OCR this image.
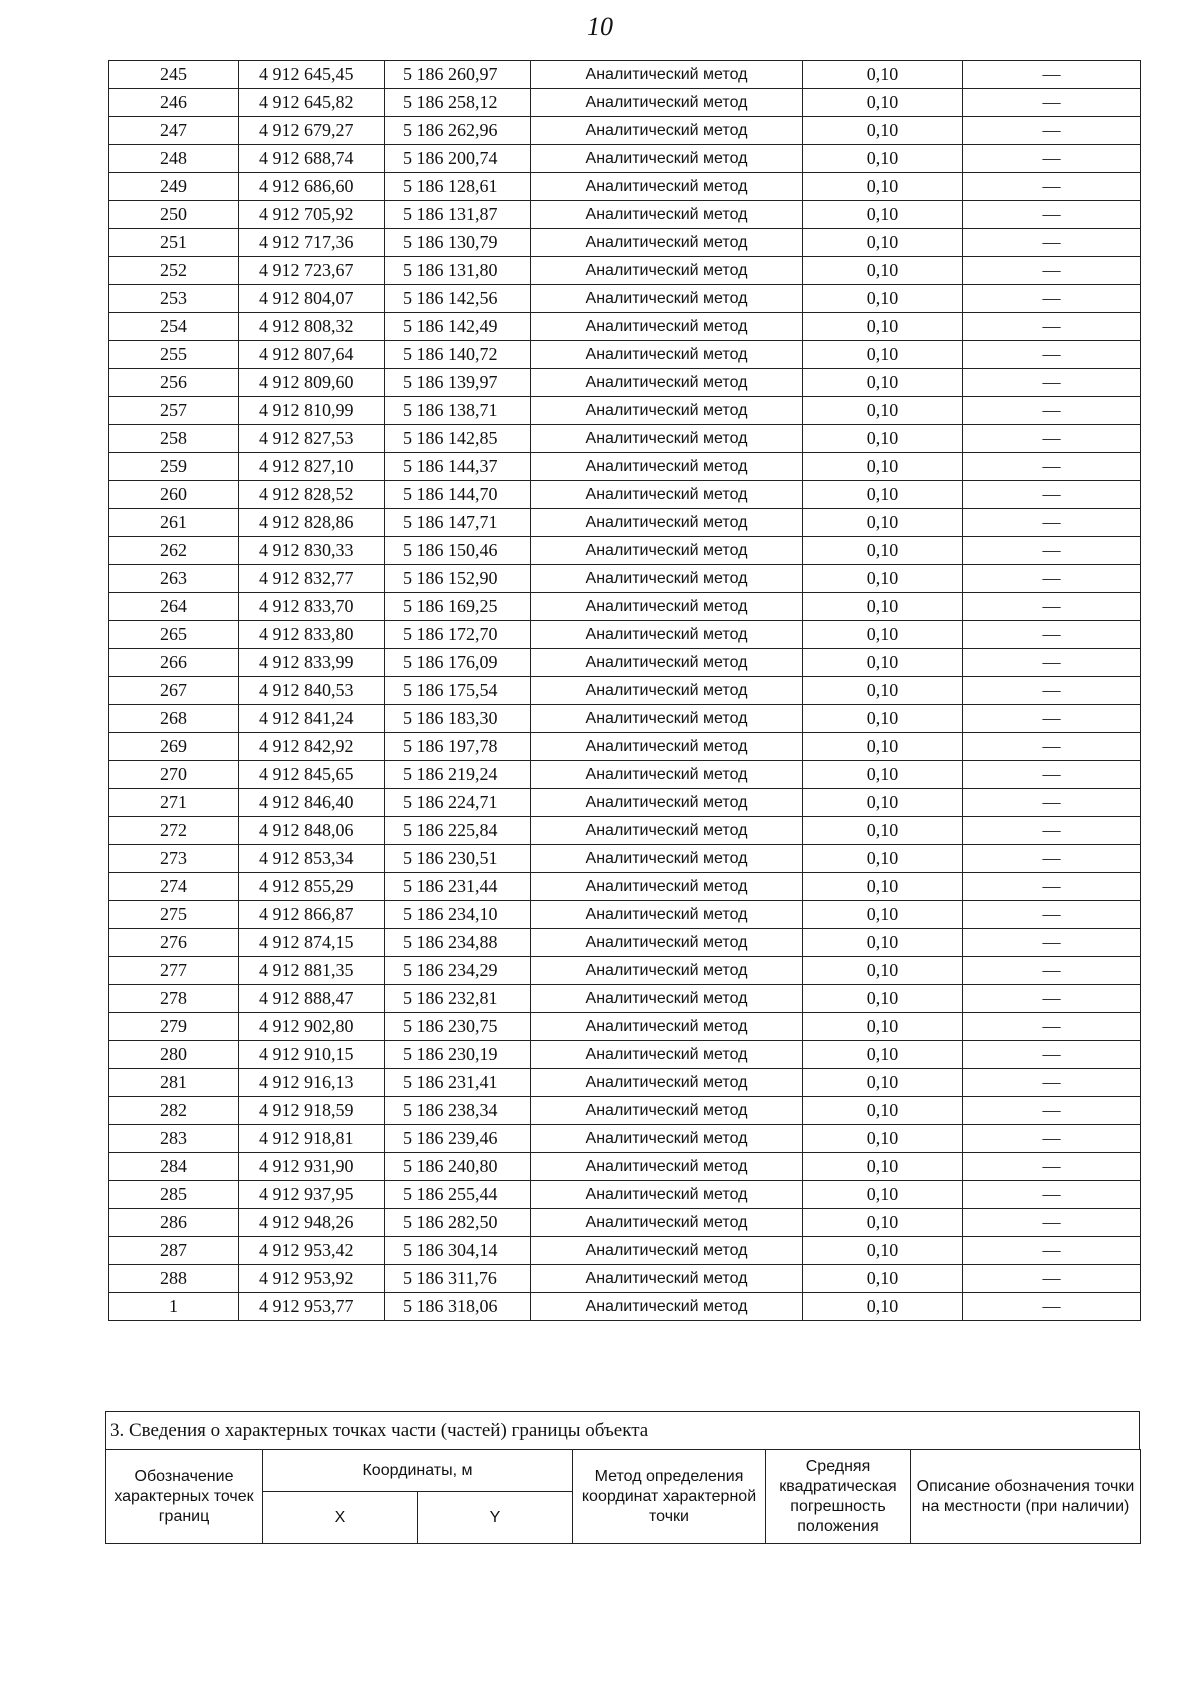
10
245	4 912 645,45	5 186 260,97	Аналитический метод	0,10	—
246	4 912 645,82	5 186 258,12	Аналитический метод	0,10	—
247	4 912 679,27	5 186 262,96	Аналитический метод	0,10	—
248	4 912 688,74	5 186 200,74	Аналитический метод	0,10	—
249	4 912 686,60	5 186 128,61	Аналитический метод	0,10	—
250	4 912 705,92	5 186 131,87	Аналитический метод	0,10	—
251	4 912 717,36	5 186 130,79	Аналитический метод	0,10	—
252	4 912 723,67	5 186 131,80	Аналитический метод	0,10	—
253	4 912 804,07	5 186 142,56	Аналитический метод	0,10	—
254	4 912 808,32	5 186 142,49	Аналитический метод	0,10	—
255	4 912 807,64	5 186 140,72	Аналитический метод	0,10	—
256	4 912 809,60	5 186 139,97	Аналитический метод	0,10	—
257	4 912 810,99	5 186 138,71	Аналитический метод	0,10	—
258	4 912 827,53	5 186 142,85	Аналитический метод	0,10	—
259	4 912 827,10	5 186 144,37	Аналитический метод	0,10	—
260	4 912 828,52	5 186 144,70	Аналитический метод	0,10	—
261	4 912 828,86	5 186 147,71	Аналитический метод	0,10	—
262	4 912 830,33	5 186 150,46	Аналитический метод	0,10	—
263	4 912 832,77	5 186 152,90	Аналитический метод	0,10	—
264	4 912 833,70	5 186 169,25	Аналитический метод	0,10	—
265	4 912 833,80	5 186 172,70	Аналитический метод	0,10	—
266	4 912 833,99	5 186 176,09	Аналитический метод	0,10	—
267	4 912 840,53	5 186 175,54	Аналитический метод	0,10	—
268	4 912 841,24	5 186 183,30	Аналитический метод	0,10	—
269	4 912 842,92	5 186 197,78	Аналитический метод	0,10	—
270	4 912 845,65	5 186 219,24	Аналитический метод	0,10	—
271	4 912 846,40	5 186 224,71	Аналитический метод	0,10	—
272	4 912 848,06	5 186 225,84	Аналитический метод	0,10	—
273	4 912 853,34	5 186 230,51	Аналитический метод	0,10	—
274	4 912 855,29	5 186 231,44	Аналитический метод	0,10	—
275	4 912 866,87	5 186 234,10	Аналитический метод	0,10	—
276	4 912 874,15	5 186 234,88	Аналитический метод	0,10	—
277	4 912 881,35	5 186 234,29	Аналитический метод	0,10	—
278	4 912 888,47	5 186 232,81	Аналитический метод	0,10	—
279	4 912 902,80	5 186 230,75	Аналитический метод	0,10	—
280	4 912 910,15	5 186 230,19	Аналитический метод	0,10	—
281	4 912 916,13	5 186 231,41	Аналитический метод	0,10	—
282	4 912 918,59	5 186 238,34	Аналитический метод	0,10	—
283	4 912 918,81	5 186 239,46	Аналитический метод	0,10	—
284	4 912 931,90	5 186 240,80	Аналитический метод	0,10	—
285	4 912 937,95	5 186 255,44	Аналитический метод	0,10	—
286	4 912 948,26	5 186 282,50	Аналитический метод	0,10	—
287	4 912 953,42	5 186 304,14	Аналитический метод	0,10	—
288	4 912 953,92	5 186 311,76	Аналитический метод	0,10	—
1	4 912 953,77	5 186 318,06	Аналитический метод	0,10	—
3. Сведения о характерных точках части (частей) границы объекта
Обозначение характерных точек границ	Координаты, м		Метод определения координат характерной точки	Средняя квадратическая погрешность положения	Описание обозначения точки на местности (при наличии)
	X	Y			
